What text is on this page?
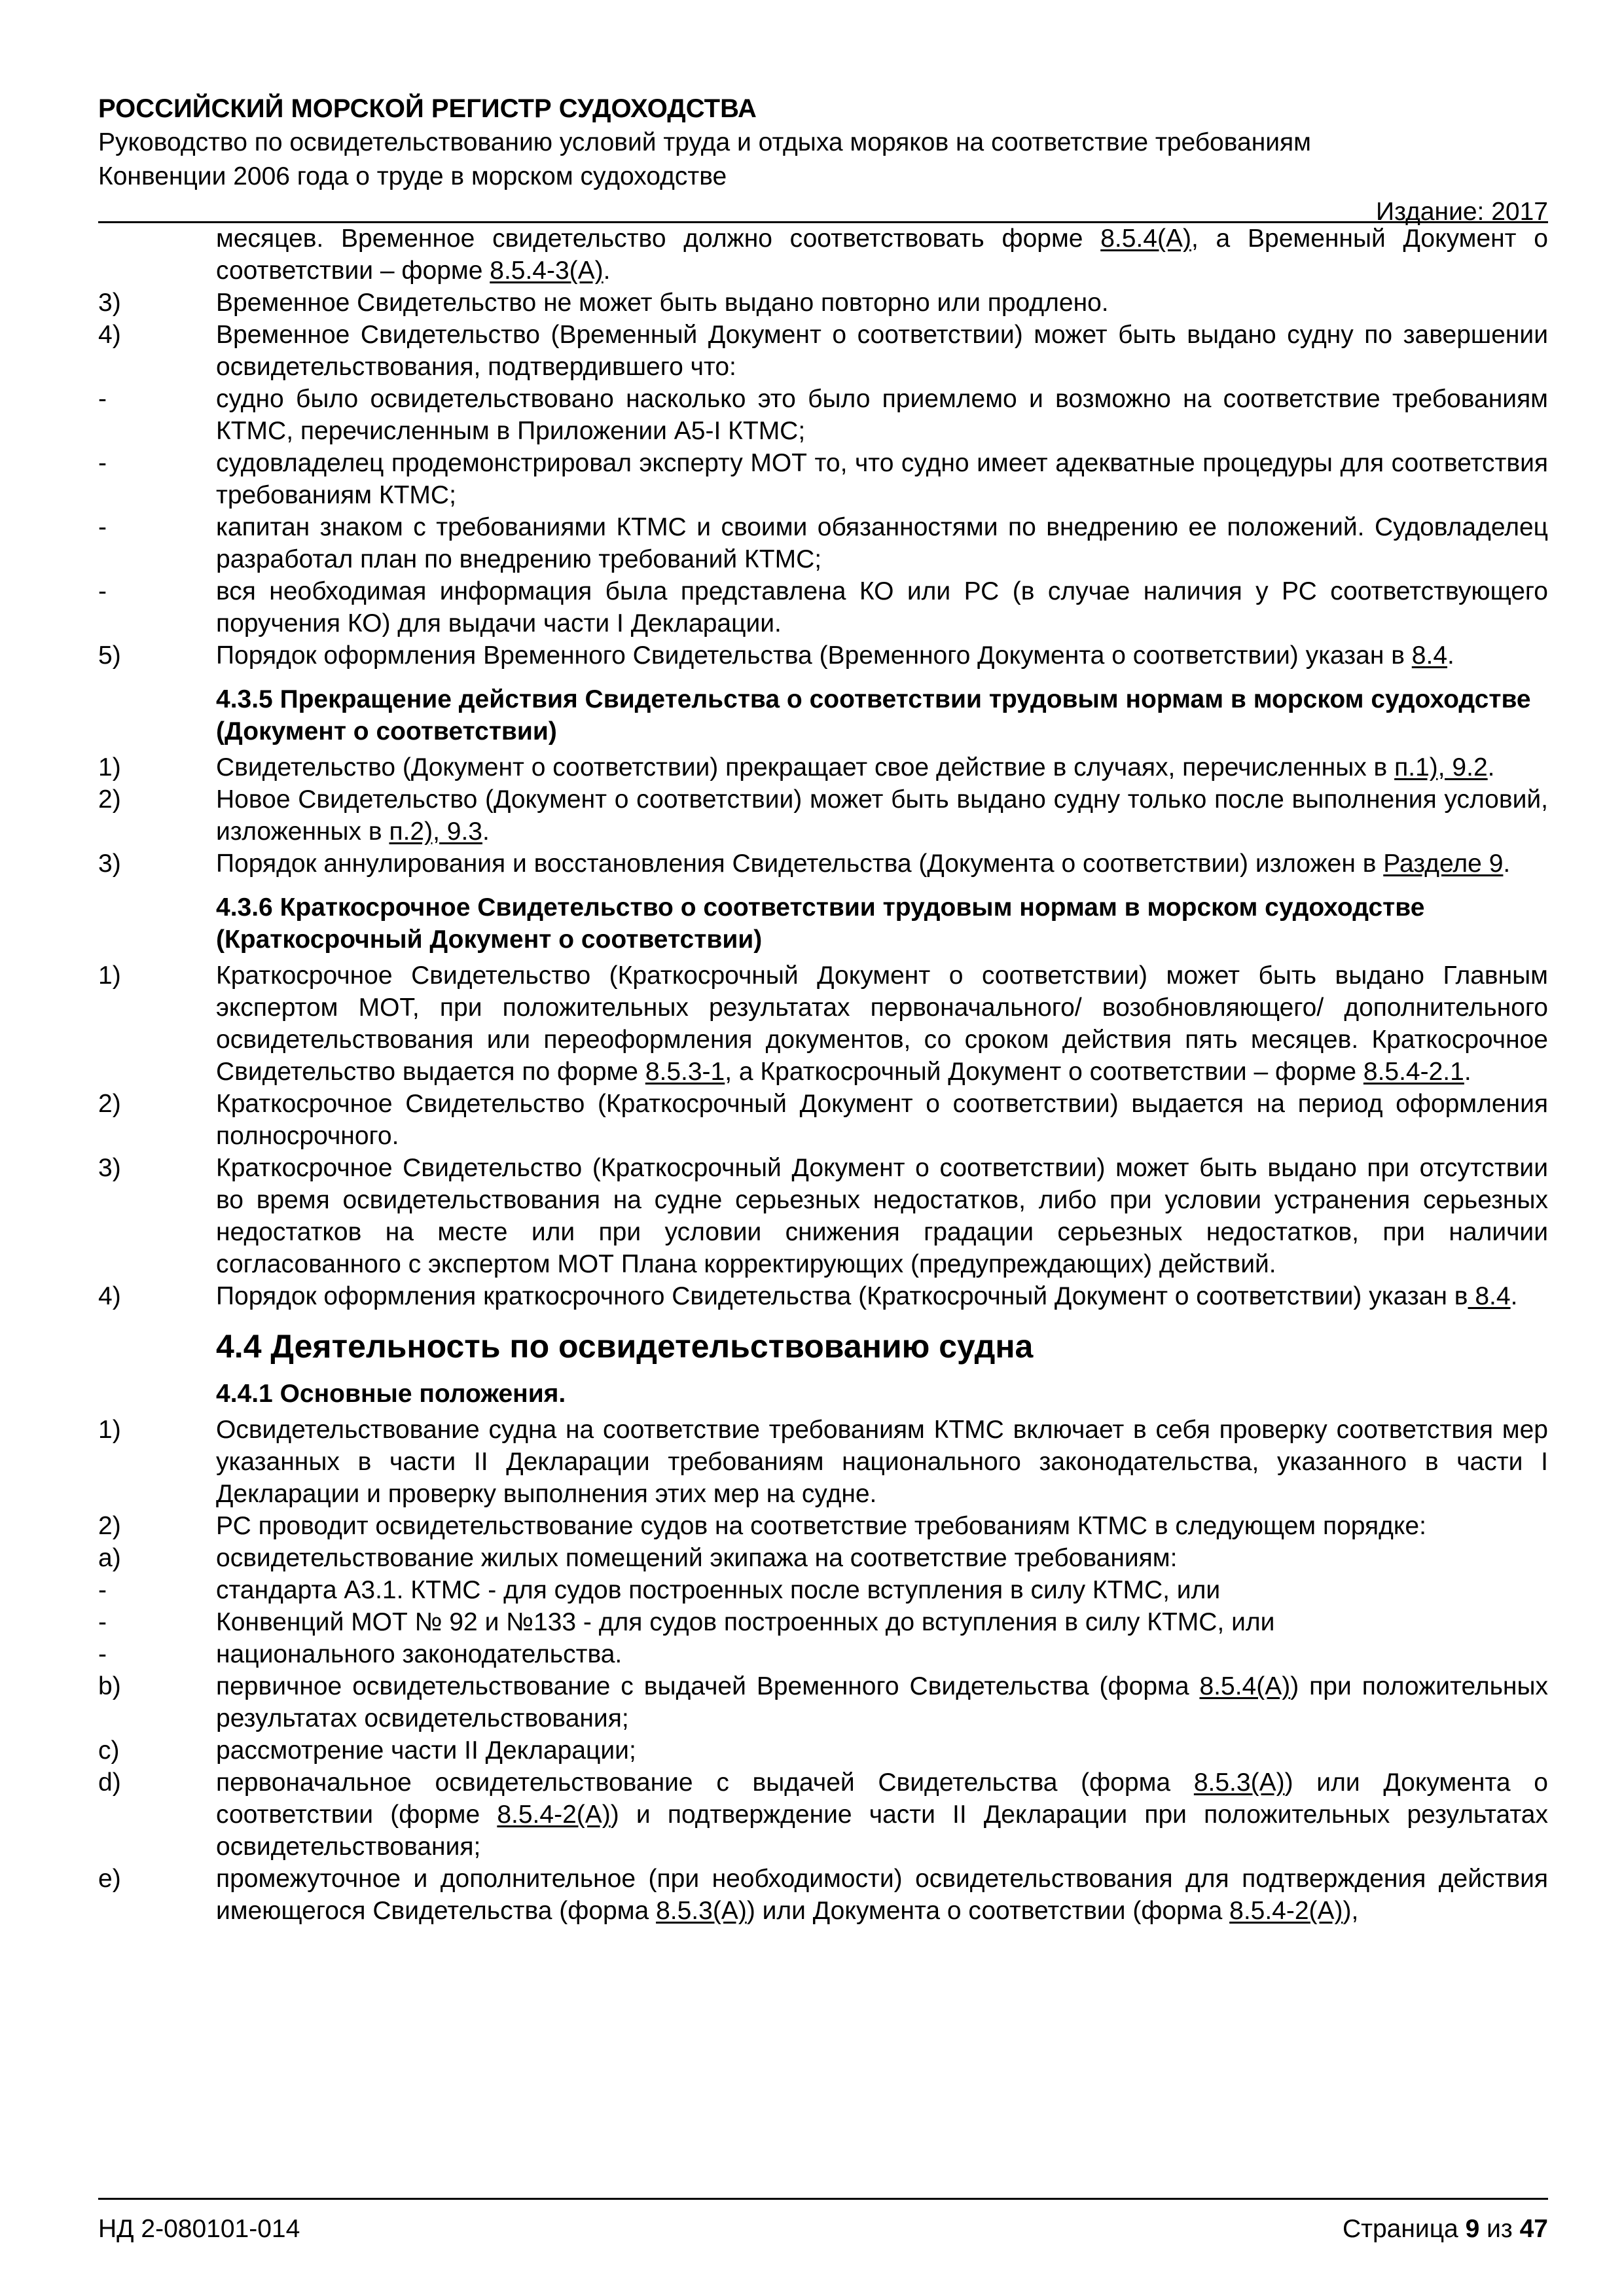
РОССИЙСКИЙ МОРСКОЙ РЕГИСТР СУДОХОДСТВА
Руководство по освидетельствованию условий труда и отдыха моряков на соответствие требованиям
Конвенции 2006 года о труде в морском судоходстве
Издание: 2017
месяцев. Временное свидетельство должно соответствовать форме 8.5.4(A), а Временный Документ о соответствии – форме 8.5.4-3(A).
3)	Временное Свидетельство не может быть выдано повторно или продлено.
4)	Временное Свидетельство (Временный Документ о соответствии) может быть выдано судну по завершении освидетельствования, подтвердившего что:
-	судно было освидетельствовано насколько это было приемлемо и возможно на соответствие требованиям КТМС, перечисленным в Приложении А5-I КТМС;
-	судовладелец продемонстрировал эксперту МОТ то, что судно имеет адекватные процедуры для соответствия требованиям КТМС;
-	капитан знаком с требованиями КТМС и своими обязанностями по внедрению ее положений. Судовладелец разработал план по внедрению требований КТМС;
-	вся необходимая информация была представлена КО или РС (в случае наличия у РС соответствующего поручения КО) для выдачи части I Декларации.
5)	Порядок оформления Временного Свидетельства (Временного Документа о соответствии) указан в 8.4.
4.3.5 Прекращение действия Свидетельства о соответствии трудовым нормам в морском судоходстве (Документ о соответствии)
1)	Свидетельство (Документ о соответствии) прекращает свое действие в случаях, перечисленных в п.1), 9.2.
2)	Новое Свидетельство (Документ о соответствии) может быть выдано судну только после выполнения условий, изложенных в п.2), 9.3.
3)	Порядок аннулирования и восстановления Свидетельства (Документа о соответствии) изложен в Разделе 9.
4.3.6 Краткосрочное Свидетельство о соответствии трудовым нормам в морском судоходстве (Краткосрочный Документ о соответствии)
1)	Краткосрочное Свидетельство (Краткосрочный Документ о соответствии) может быть выдано Главным экспертом МОТ, при положительных результатах первоначального/ возобновляющего/ дополнительного освидетельствования или переоформления документов, со сроком действия пять месяцев. Краткосрочное Свидетельство выдается по форме 8.5.3-1, а Краткосрочный Документ о соответствии – форме 8.5.4-2.1.
2)	Краткосрочное Свидетельство (Краткосрочный Документ о соответствии) выдается на период оформления полносрочного.
3)	Краткосрочное Свидетельство (Краткосрочный Документ о соответствии) может быть выдано при отсутствии во время освидетельствования на судне серьезных недостатков, либо при условии устранения серьезных недостатков на месте или при условии снижения градации серьезных недостатков, при наличии согласованного с экспертом МОТ Плана корректирующих (предупреждающих) действий.
4)	Порядок оформления краткосрочного Свидетельства (Краткосрочный Документ о соответствии) указан в 8.4.
4.4 Деятельность по освидетельствованию судна
4.4.1 Основные положения.
1)	Освидетельствование судна на соответствие требованиям КТМС включает в себя проверку соответствия мер указанных в части II Декларации требованиям национального законодательства, указанного в части I Декларации и проверку выполнения этих мер на судне.
2)	РС проводит освидетельствование судов на соответствие требованиям КТМС в следующем порядке:
a)	освидетельствование жилых помещений экипажа на соответствие требованиям:
-	стандарта А3.1. КТМС - для судов построенных после вступления в силу КТМС, или
-	Конвенций МОТ № 92 и №133 - для судов построенных до вступления в силу КТМС, или
-	национального законодательства.
b)	первичное освидетельствование с выдачей Временного Свидетельства (форма 8.5.4(A)) при положительных результатах освидетельствования;
c)	рассмотрение части II Декларации;
d)	первоначальное освидетельствование с выдачей Свидетельства (форма 8.5.3(A)) или Документа о соответствии (форме 8.5.4-2(A)) и подтверждение части II Декларации при положительных результатах освидетельствования;
e)	промежуточное и дополнительное (при необходимости) освидетельствования для подтверждения действия имеющегося Свидетельства (форма 8.5.3(A)) или Документа о соответствии (форма 8.5.4-2(A)),
НД 2-080101-014	Страница 9 из 47
